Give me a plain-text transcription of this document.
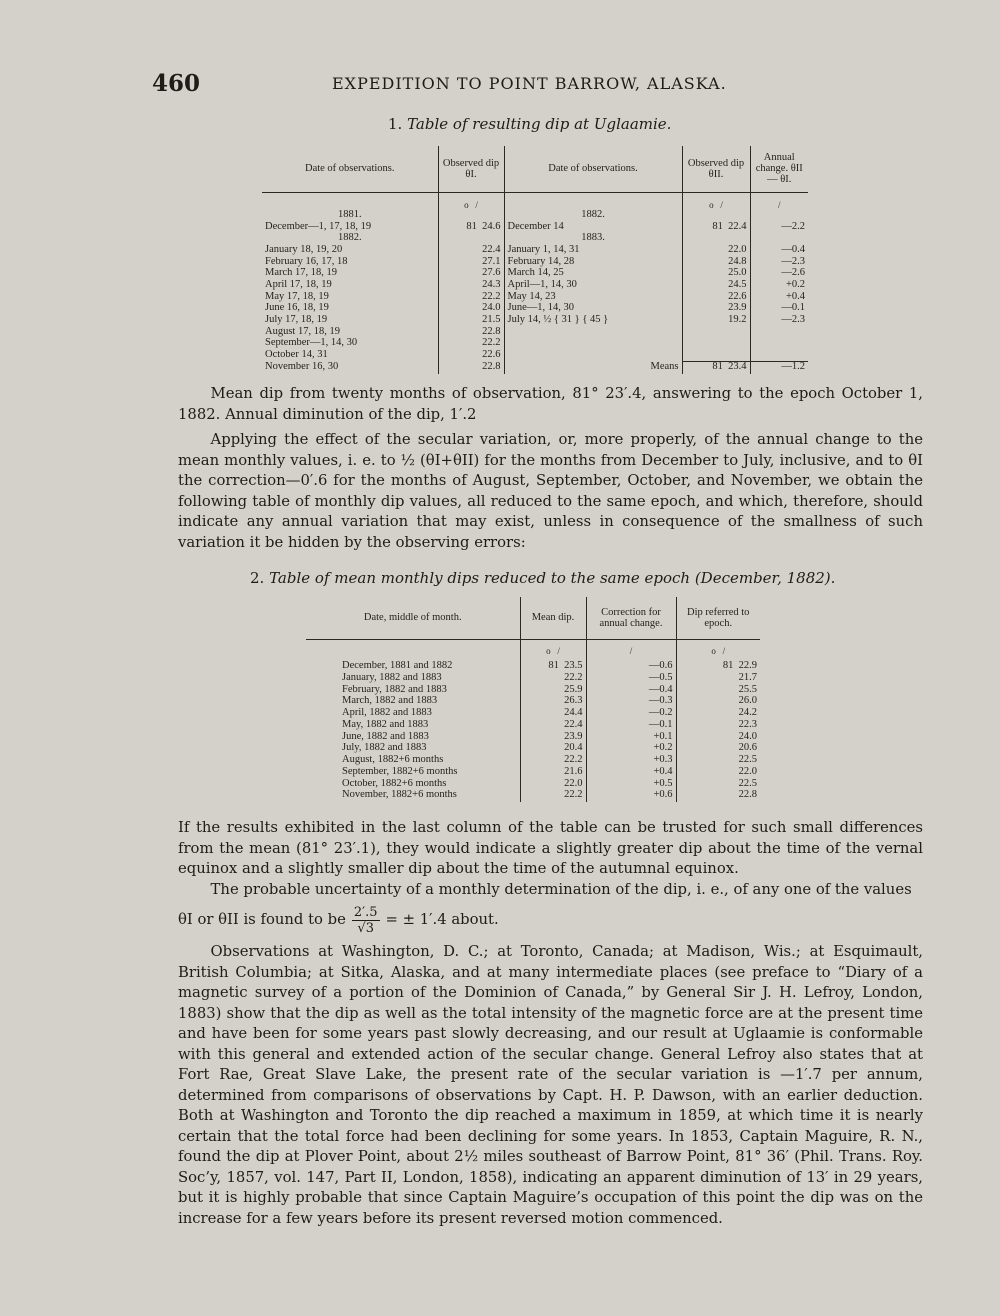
460	EXPEDITION TO POINT BARROW, ALASKA.
1. Table of resulting dip at Uglaamie.
Date of observations.	Observed dip θI.	Date of observations.	Observed dip θII.	Annual change. θII — θI.
	o /		o /	/
1881.		1882.		
December—1, 17, 18, 19	81  24.6	December 14	81  22.4	—2.2
1882.		1883.		
January 18, 19, 20	22.4	January 1, 14, 31	22.0	—0.4
February 16, 17, 18	27.1	February 14, 28	24.8	—2.3
March 17, 18, 19	27.6	March 14, 25	25.0	—2.6
April 17, 18, 19	24.3	April—1, 14, 30	24.5	+0.2
May 17, 18, 19	22.2	May 14, 23	22.6	+0.4
June 16, 18, 19	24.0	June—1, 14, 30	23.9	—0.1
July 17, 18, 19	21.5	July 14, ½ { 31 } { 45 }	19.2	—2.3
August 17, 18, 19	22.8			
September—1, 14, 30	22.2			
October 14, 31	22.6			
November 16, 30	22.8	Means	81  23.4	—1.2

Mean dip from twenty months of observation, 81° 23′.4, answering to the epoch October 1, 1882. Annual diminution of the dip, 1′.2

Applying the effect of the secular variation, or, more properly, of the annual change to the mean monthly values, i. e. to ½ (θI+θII) for the months from December to July, inclusive, and to θI the correction—0′.6 for the months of August, September, October, and November, we obtain the following table of monthly dip values, all reduced to the same epoch, and which, therefore, should indicate any annual variation that may exist, unless in consequence of the smallness of such variation it be hidden by the observing errors:

2. Table of mean monthly dips reduced to the same epoch (December, 1882).
Date, middle of month.	Mean dip.	Correction for annual change.	Dip referred to epoch.
	o   /	/	o   /
December, 1881 and 1882	81  23.5	—0.6	81  22.9
January, 1882 and 1883	22.2	—0.5	21.7
February, 1882 and 1883	25.9	—0.4	25.5
March, 1882 and 1883	26.3	—0.3	26.0
April, 1882 and 1883	24.4	—0.2	24.2
May, 1882 and 1883	22.4	—0.1	22.3
June, 1882 and 1883	23.9	+0.1	24.0
July, 1882 and 1883	20.4	+0.2	20.6
August, 1882+6 months	22.2	+0.3	22.5
September, 1882+6 months	21.6	+0.4	22.0
October, 1882+6 months	22.0	+0.5	22.5
November, 1882+6 months	22.2	+0.6	22.8

If the results exhibited in the last column of the table can be trusted for such small differences from the mean (81° 23′.1), they would indicate a slightly greater dip about the time of the vernal equinox and a slightly smaller dip about the time of the autumnal equinox.

The probable uncertainty of a monthly determination of the dip, i. e., of any one of the values

θI or θII is found to be $\frac{2'.5}{√3}$ = ± 1′.4 about.

Observations at Washington, D. C.; at Toronto, Canada; at Madison, Wis.; at Esquimault, British Columbia; at Sitka, Alaska, and at many intermediate places (see preface to “Diary of a magnetic survey of a portion of the Dominion of Canada,” by General Sir J. H. Lefroy, London, 1883) show that the dip as well as the total intensity of the magnetic force are at the present time and have been for some years past slowly decreasing, and our result at Uglaamie is conformable with this general and extended action of the secular change. General Lefroy also states that at Fort Rae, Great Slave Lake, the present rate of the secular variation is —1′.7 per annum, determined from comparisons of observations by Capt. H. P. Dawson, with an earlier deduction. Both at Washington and Toronto the dip reached a maximum in 1859, at which time it is nearly certain that the total force had been declining for some years. In 1853, Captain Maguire, R. N., found the dip at Plover Point, about 2½ miles southeast of Barrow Point, 81° 36′ (Phil. Trans. Roy. Soc’y, 1857, vol. 147, Part II, London, 1858), indicating an apparent diminution of 13′ in 29 years, but it is highly probable that since Captain Maguire’s occupation of this point the dip was on the increase for a few years before its present reversed motion commenced.
